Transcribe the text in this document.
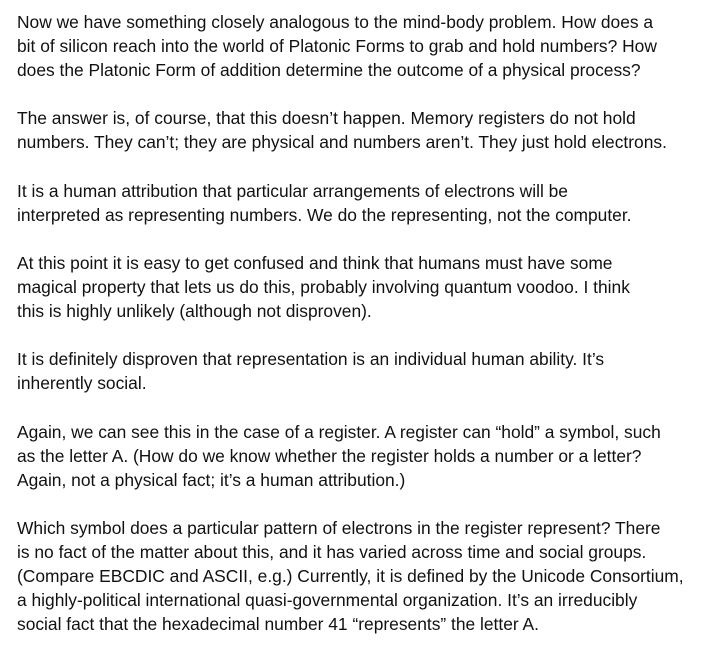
Now we have something closely analogous to the mind-body problem. How does a
bit of silicon reach into the world of Platonic Forms to grab and hold numbers? How
does the Platonic Form of addition determine the outcome of a physical process?
The answer is, of course, that this doesn’t happen. Memory registers do not hold
numbers. They can’t; they are physical and numbers aren’t. They just hold electrons.
It is a human attribution that particular arrangements of electrons will be
interpreted as representing numbers. We do the representing, not the computer.
At this point it is easy to get confused and think that humans must have some
magical property that lets us do this, probably involving quantum voodoo. I think
this is highly unlikely (although not disproven).
It is definitely disproven that representation is an individual human ability. It’s
inherently social.
Again, we can see this in the case of a register. A register can “hold” a symbol, such
as the letter A. (How do we know whether the register holds a number or a letter?
Again, not a physical fact; it’s a human attribution.)
Which symbol does a particular pattern of electrons in the register represent? There
is no fact of the matter about this, and it has varied across time and social groups.
(Compare EBCDIC and ASCII, e.g.) Currently, it is defined by the Unicode Consortium,
a highly-political international quasi-governmental organization. It’s an irreducibly
social fact that the hexadecimal number 41 “represents” the letter A.
